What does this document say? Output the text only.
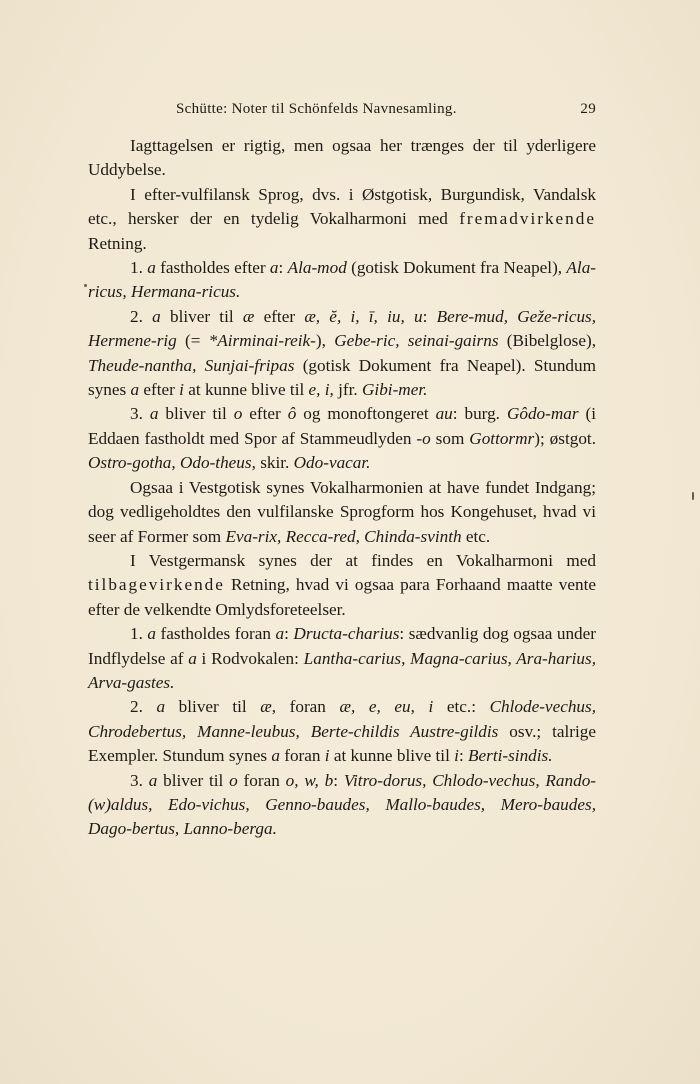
Schütte: Noter til Schönfelds Navnesamling.	29

Iagttagelsen er rigtig, men ogsaa her trænges der til yderligere Uddybelse.

I efter-vulfilansk Sprog, dvs. i Østgotisk, Burgundisk, Vandalsk etc., hersker der en tydelig Vokalharmoni med fremadvirkende Retning.

1. a fastholdes efter a: Ala-mod (gotisk Dokument fra Neapel), Ala-ricus, Hermana-ricus.

2. a bliver til æ efter æ, ĕ, i, ī, iu, u: Bere-mud, Geže-ricus, Hermene-rig (= *Airminai-reik-), Gebe-ric, seinai-gairns (Bibelglose), Theude-nantha, Sunjai-fripas (gotisk Dokument fra Neapel). Stundum synes a efter i at kunne blive til e, i, jfr. Gibi-mer.

3. a bliver til o efter ô og monoftongeret au: burg. Gôdo-mar (i Eddaen fastholdt med Spor af Stammeudlyden -o som Gottormr); østgot. Ostro-gotha, Odo-theus, skir. Odo-vacar.

Ogsaa i Vestgotisk synes Vokalharmonien at have fundet Indgang; dog vedligeholdtes den vulfilanske Sprogform hos Kongehuset, hvad vi seer af Former som Eva-rix, Recca-red, Chinda-svinth etc.

I Vestgermansk synes der at findes en Vokalharmoni med tilbagevirkende Retning, hvad vi ogsaa para Forhaand maatte vente efter de velkendte Omlydsforeteelser.

1. a fastholdes foran a: Dructa-charius: sædvanlig dog ogsaa under Indflydelse af a i Rodvokalen: Lantha-carius, Magna-carius, Ara-harius, Arva-gastes.

2. a bliver til æ, foran æ, e, eu, i etc.: Chlode-vechus, Chrodebertus, Manne-leubus, Berte-childis Austre-gildis osv.; talrige Exempler. Stundum synes a foran i at kunne blive til i: Berti-sindis.

3. a bliver til o foran o, w, b: Vitro-dorus, Chlodo-vechus, Rando-(w)aldus, Edo-vichus, Genno-baudes, Mallo-baudes, Mero-baudes, Dago-bertus, Lanno-berga.
